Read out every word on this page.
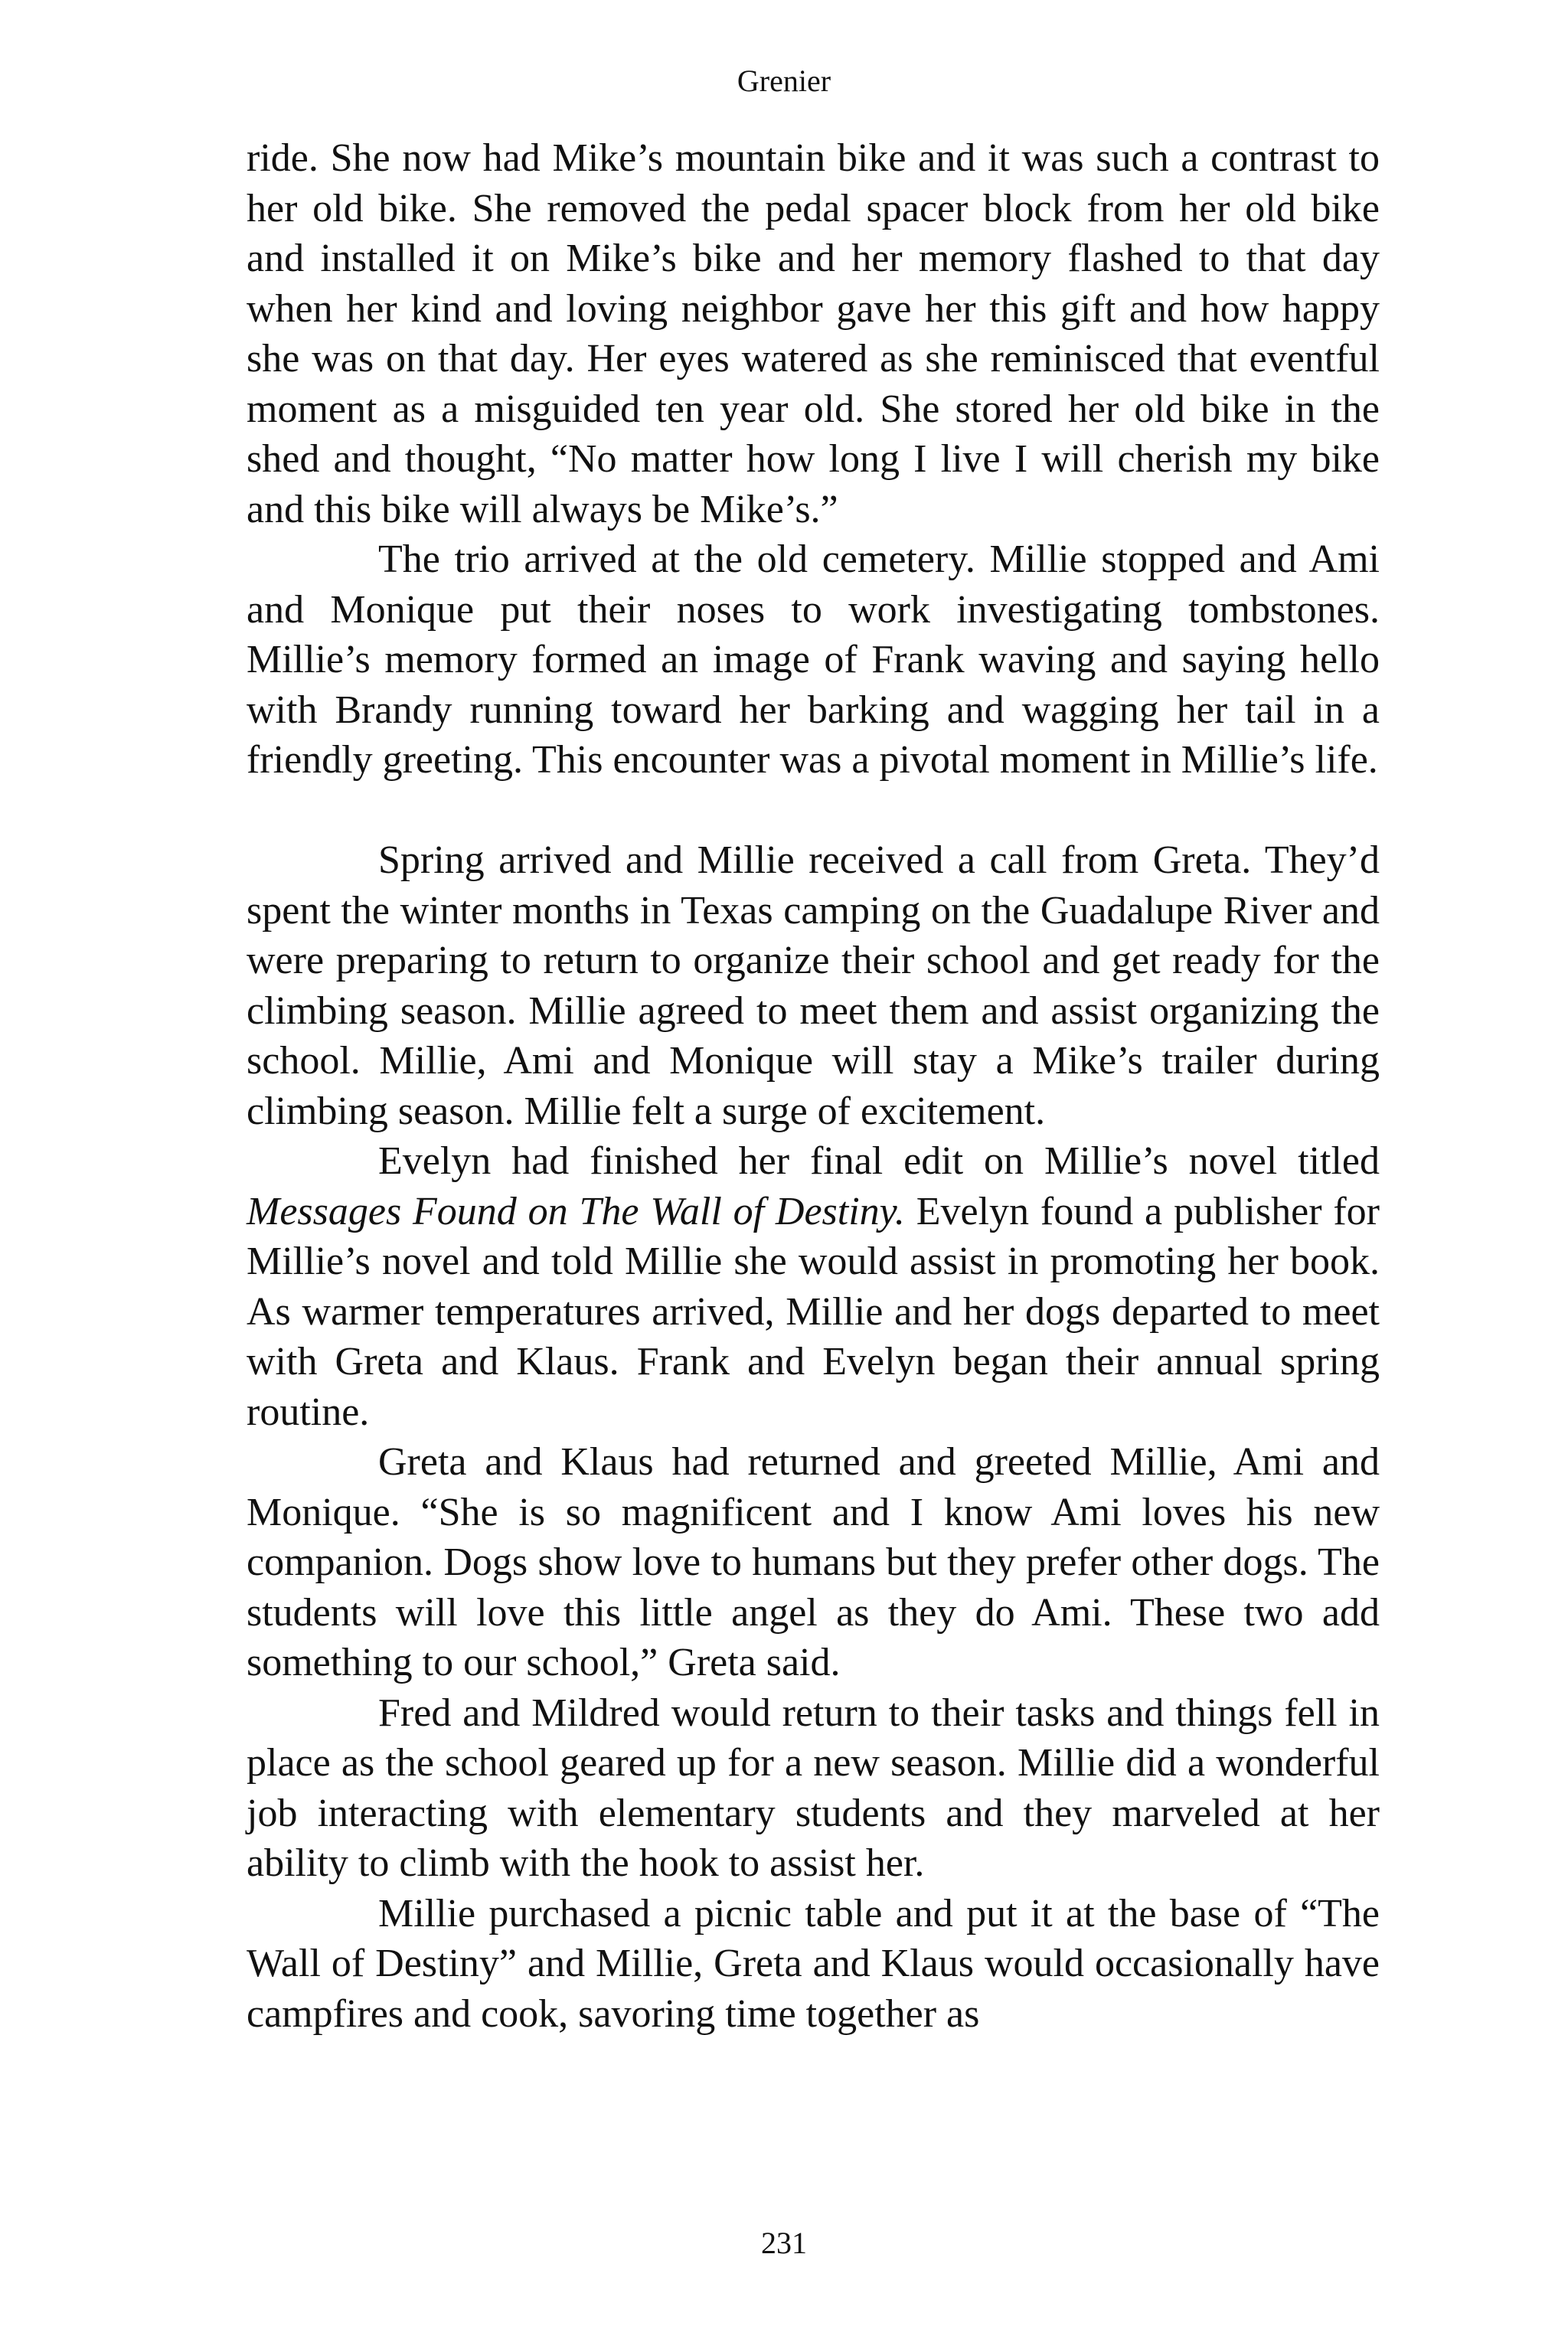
Grenier

ride. She now had Mike’s mountain bike and it was such a contrast to her old bike. She removed the pedal spacer block from her old bike and installed it on Mike’s bike and her memory flashed to that day when her kind and loving neighbor gave her this gift and how happy she was on that day. Her eyes watered as she reminisced that eventful moment as a misguided ten year old. She stored her old bike in the shed and thought, “No matter how long I live I will cherish my bike and this bike will always be Mike’s.”

The trio arrived at the old cemetery. Millie stopped and Ami and Monique put their noses to work investigating tombstones. Millie’s memory formed an image of Frank waving and saying hello with Brandy running toward her barking and wagging her tail in a friendly greeting. This encounter was a pivotal moment in Millie’s life.

Spring arrived and Millie received a call from Greta. They’d spent the winter months in Texas camping on the Guadalupe River and were preparing to return to organize their school and get ready for the climbing season. Millie agreed to meet them and assist organizing the school. Millie, Ami and Monique will stay a Mike’s trailer during climbing season. Millie felt a surge of excitement.

Evelyn had finished her final edit on Millie’s novel titled Messages Found on The Wall of Destiny. Evelyn found a publisher for Millie’s novel and told Millie she would assist in promoting her book. As warmer temperatures arrived, Millie and her dogs departed to meet with Greta and Klaus. Frank and Evelyn began their annual spring routine.

Greta and Klaus had returned and greeted Millie, Ami and Monique. “She is so magnificent and I know Ami loves his new companion. Dogs show love to humans but they prefer other dogs. The students will love this little angel as they do Ami. These two add something to our school,” Greta said.

Fred and Mildred would return to their tasks and things fell in place as the school geared up for a new season. Millie did a wonderful job interacting with elementary students and they marveled at her ability to climb with the hook to assist her.

Millie purchased a picnic table and put it at the base of “The Wall of Destiny” and Millie, Greta and Klaus would occasionally have campfires and cook, savoring time together as

231
